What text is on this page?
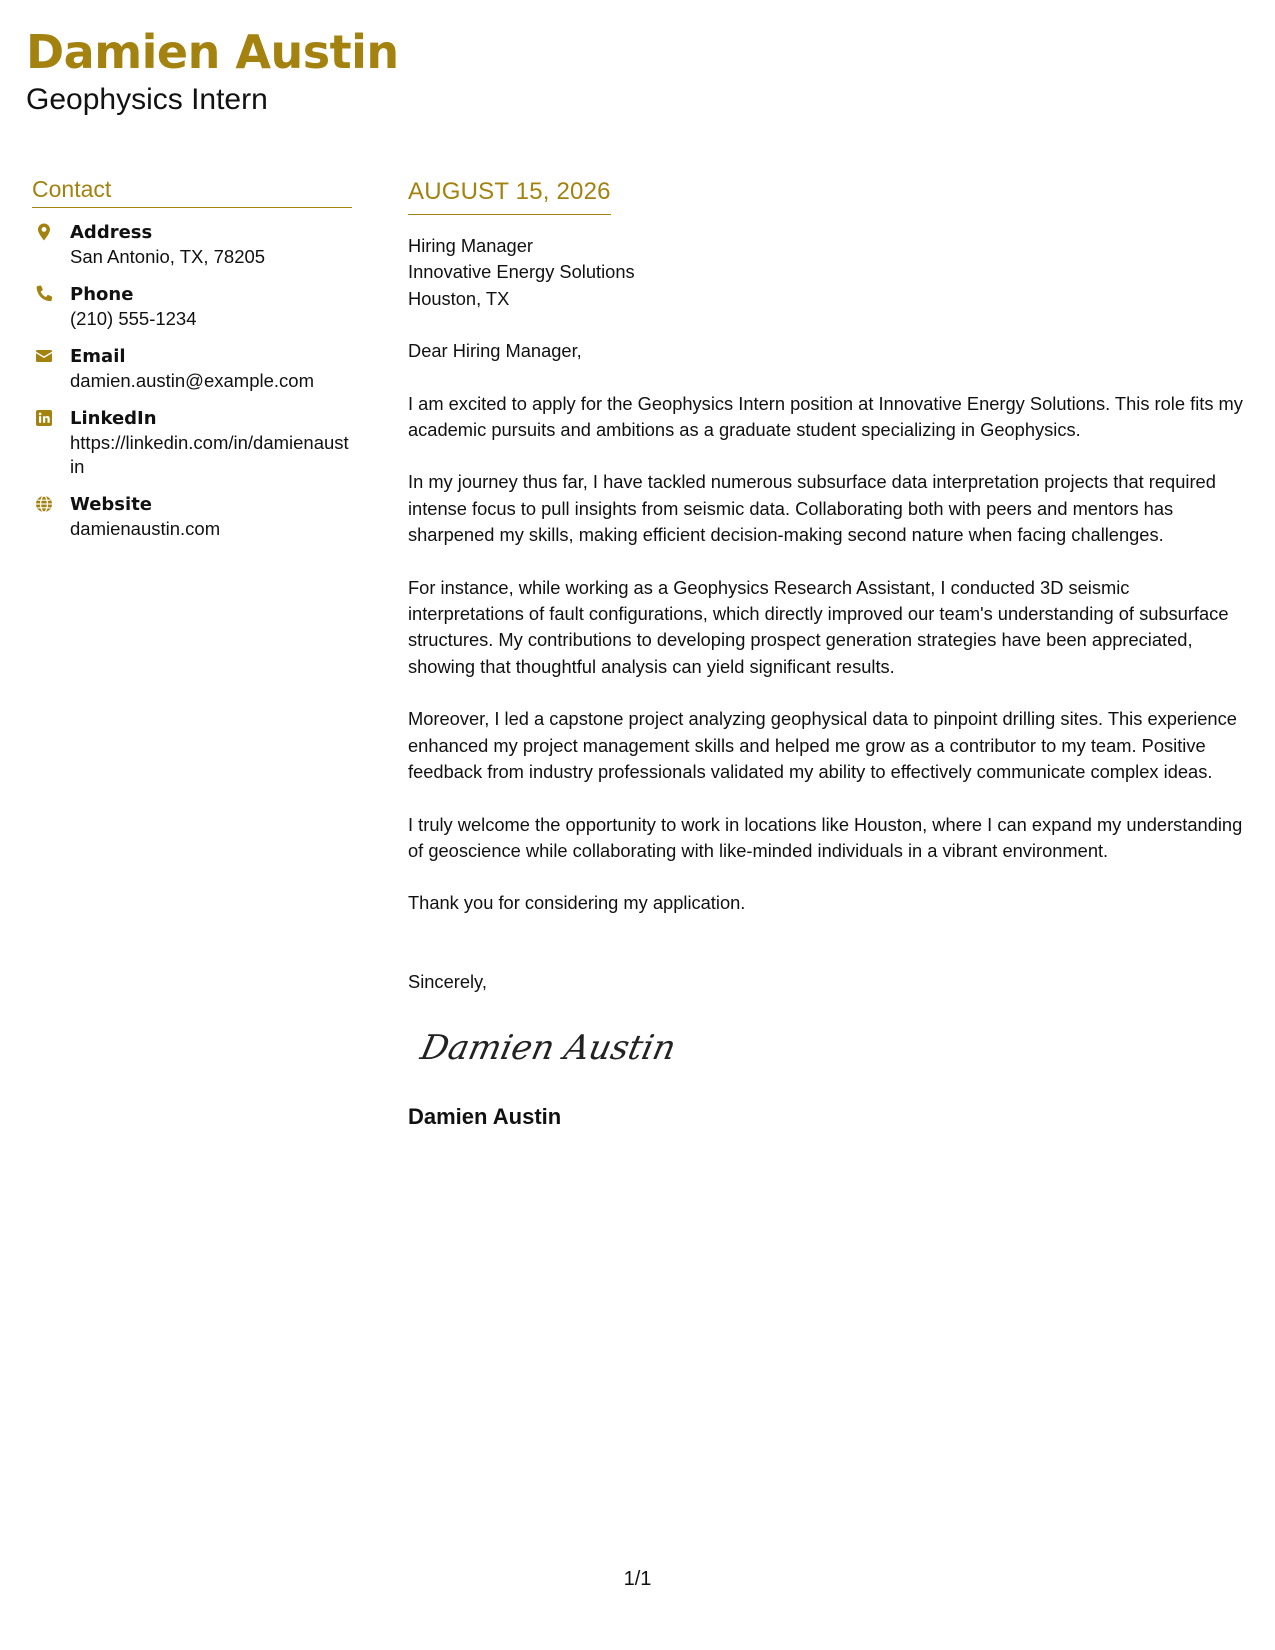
Damien Austin
Geophysics Intern
Contact
Address
San Antonio, TX, 78205
Phone
(210) 555-1234
Email
damien.austin@example.com
LinkedIn
https://linkedin.com/in/damienaustin
Website
damienaustin.com
AUGUST 15, 2026
Hiring Manager
Innovative Energy Solutions
Houston, TX
Dear Hiring Manager,
I am excited to apply for the Geophysics Intern position at Innovative Energy Solutions. This role fits my academic pursuits and ambitions as a graduate student specializing in Geophysics.
In my journey thus far, I have tackled numerous subsurface data interpretation projects that required intense focus to pull insights from seismic data. Collaborating both with peers and mentors has sharpened my skills, making efficient decision-making second nature when facing challenges.
For instance, while working as a Geophysics Research Assistant, I conducted 3D seismic interpretations of fault configurations, which directly improved our team's understanding of subsurface structures. My contributions to developing prospect generation strategies have been appreciated, showing that thoughtful analysis can yield significant results.
Moreover, I led a capstone project analyzing geophysical data to pinpoint drilling sites. This experience enhanced my project management skills and helped me grow as a contributor to my team. Positive feedback from industry professionals validated my ability to effectively communicate complex ideas.
I truly welcome the opportunity to work in locations like Houston, where I can expand my understanding of geoscience while collaborating with like-minded individuals in a vibrant environment.
Thank you for considering my application.
Sincerely,
Damien Austin
Damien Austin
1/1
